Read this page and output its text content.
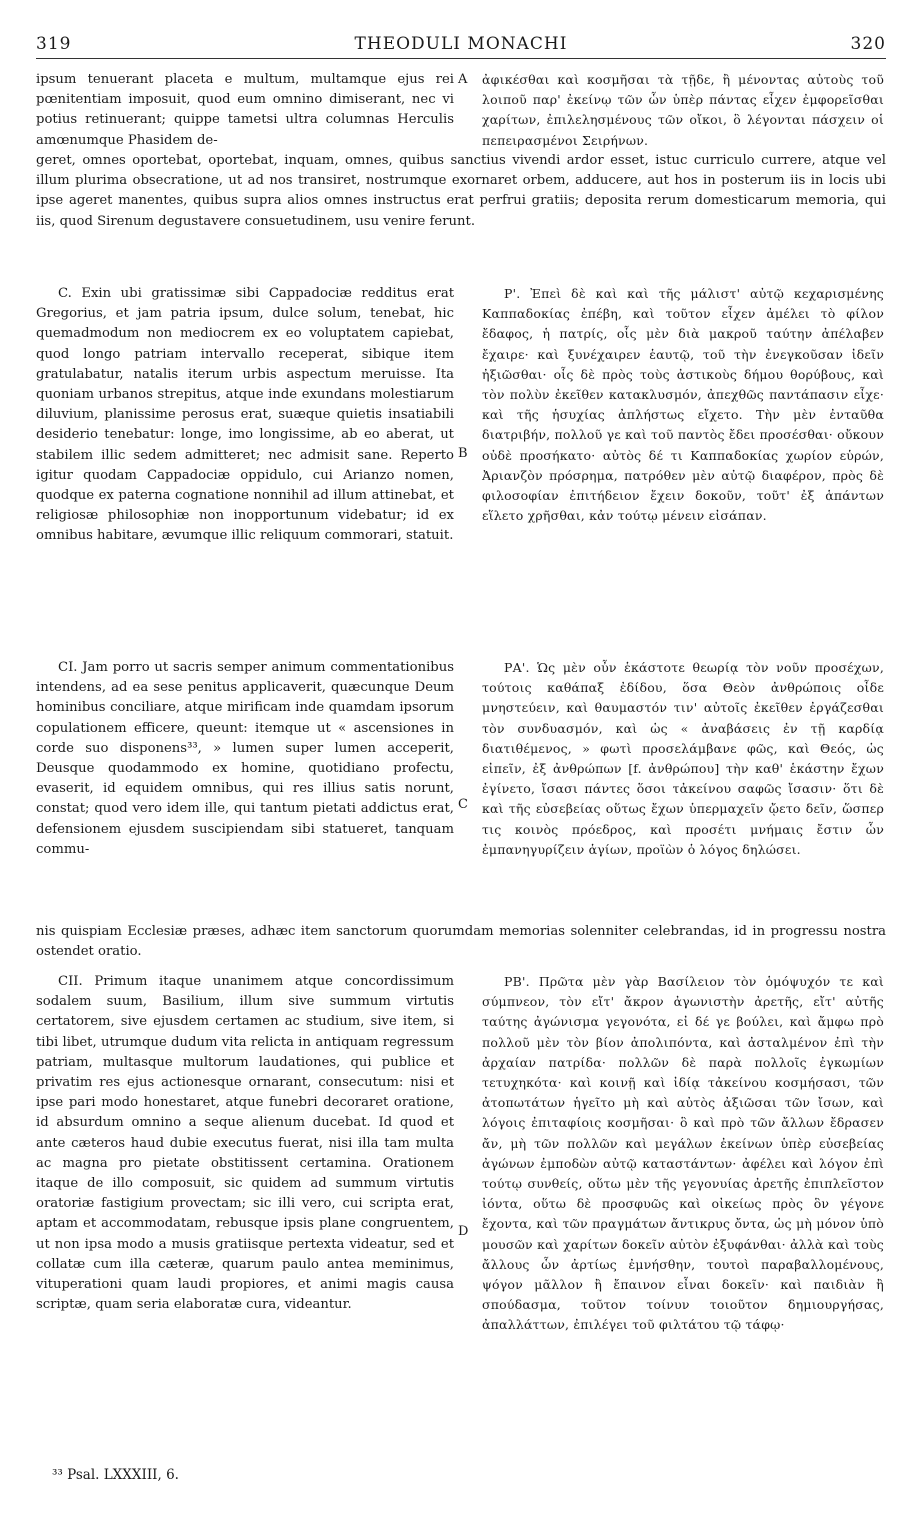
THEODULI MONACHI
319	320

ipsum tenuerant placeta e multum, multamque ejus rei pœnitentiam imposuit, quod eum omnino dimiserant, nec vi potius retinuerant; quippe tametsi ultra columnas Herculis amœnumque Phasidem de-

ἀφικέσθαι καὶ κοσμῆσαι τὰ τῇδε, ἢ μένοντας αὐτοὺς τοῦ λοιποῦ παρ' ἐκείνῳ τῶν ὧν ὑπὲρ πάντας εἶχεν ἐμφορεῖσθαι χαρίτων, ἐπιλελησμένους τῶν οἴκοι, ὃ λέγονται πάσχειν οἱ πεπειρασμένοι Σειρήνων.

geret, omnes oportebat, oportebat, inquam, omnes, quibus sanctius vivendi ardor esset, istuc curriculo currere, atque vel illum plurima obsecratione, ut ad nos transiret, nostrumque exornaret orbem, adducere, aut hos in posterum iis in locis ubi ipse ageret manentes, quibus supra alios omnes instructus erat perfrui gratiis; deposita rerum domesticarum memoria, qui iis, quod Sirenum degustavere consuetudinem, usu venire ferunt.

C. Exin ubi gratissimæ sibi Cappadociæ redditus erat Gregorius, et jam patria ipsum, dulce solum, tenebat, hic quemadmodum non mediocrem ex eo voluptatem capiebat, quod longo patriam intervallo receperat, sibique item gratulabatur, natalis iterum urbis aspectum meruisse. Ita quoniam urbanos strepitus, atque inde exundans molestiarum diluvium, planissime perosus erat, suæque quietis insatiabili desiderio tenebatur: longe, imo longissime, ab eo aberat, ut stabilem illic sedem admitteret; nec admisit sane. Reperto igitur quodam Cappadociæ oppidulo, cui Arianzo nomen, quodque ex paterna cognatione nonnihil ad illum attinebat, et religiosæ philosophiæ non inopportunum videbatur; id ex omnibus habitare, ævumque illic reliquum commorari, statuit.

Ρ'. Ἐπεὶ δὲ καὶ καὶ τῆς μάλιστ' αὐτῷ κεχαρισμένης Καππαδοκίας ἐπέβη, καὶ τοῦτον εἶχεν ἀμέλει τὸ φίλον ἔδαφος, ἡ πατρίς, οἷς μὲν διὰ μακροῦ ταύτην ἀπέλαβεν ἔχαιρε· καὶ ξυνέχαιρεν ἑαυτῷ, τοῦ τὴν ἐνεγκοῦσαν ἰδεῖν ἠξιῶσθαι· οἷς δὲ πρὸς τοὺς ἀστικοὺς δήμου θορύβους, καὶ τὸν πολὺν ἐκεῖθεν κατακλυσμόν, ἀπεχθῶς παντάπασιν εἶχε· καὶ τῆς ἡσυχίας ἀπλήστως εἴχετο. Τὴν μὲν ἐνταῦθα διατριβήν, πολλοῦ γε καὶ τοῦ παντὸς ἔδει προσέσθαι· οὔκουν οὐδὲ προσήκατο· αὐτὸς δέ τι Καππαδοκίας χωρίον εὑρών, Ἀριανζὸν πρόσρημα, πατρόθεν μὲν αὐτῷ διαφέρον, πρὸς δὲ φιλοσοφίαν ἐπιτήδειον ἔχειν δοκοῦν, τοῦτ' ἐξ ἁπάντων εἵλετο χρῆσθαι, κἀν τούτῳ μένειν εἰσάπαν.

CI. Jam porro ut sacris semper animum commentationibus intendens, ad ea sese penitus applicaverit, quæcunque Deum hominibus conciliare, atque mirificam inde quamdam ipsorum copulationem efficere, queunt: itemque ut « ascensiones in corde suo disponens³³, » lumen super lumen acceperit, Deusque quodammodo ex homine, quotidiano profectu, evaserit, id equidem omnibus, qui res illius satis norunt, constat; quod vero idem ille, qui tantum pietati addictus erat, defensionem ejusdem suscipiendam sibi statueret, tanquam commu-

ΡΑ'. Ὡς μὲν οὖν ἑκάστοτε θεωρίᾳ τὸν νοῦν προσέχων, τούτοις καθάπαξ ἐδίδου, ὅσα Θεὸν ἀνθρώποις οἶδε μνηστεύειν, καὶ θαυμαστόν τιν' αὐτοῖς ἐκεῖθεν ἐργάζεσθαι τὸν συνδυασμόν, καὶ ὡς « ἀναβάσεις ἐν τῇ καρδίᾳ διατιθέμενος, » φωτὶ προσελάμβανε φῶς, καὶ Θεός, ὡς εἰπεῖν, ἐξ ἀνθρώπων [f. ἀνθρώπου] τὴν καθ' ἑκάστην ἔχων ἐγίνετο, ἴσασι πάντες ὅσοι τἀκείνου σαφῶς ἴσασιν· ὅτι δὲ καὶ τῆς εὐσεβείας οὕτως ἔχων ὑπερμαχεῖν ᾤετο δεῖν, ὥσπερ τις κοινὸς πρόεδρος, καὶ προσέτι μνήμαις ἔστιν ὧν ἐμπανηγυρίζειν ἁγίων, προϊὼν ὁ λόγος δηλώσει.

nis quispiam Ecclesiæ præses, adhæc item sanctorum quorumdam memorias solenniter celebrandas, id in progressu nostra ostendet oratio.

CII. Primum itaque unanimem atque concordissimum sodalem suum, Basilium, illum sive summum virtutis certatorem, sive ejusdem certamen ac studium, sive item, si tibi libet, utrumque dudum vita relicta in antiquam regressum patriam, multasque multorum laudationes, qui publice et privatim res ejus actionesque ornarant, consecutum: nisi et ipse pari modo honestaret, atque funebri decoraret oratione, id absurdum omnino a seque alienum ducebat. Id quod et ante cæteros haud dubie executus fuerat, nisi illa tam multa ac magna pro pietate obstitissent certamina. Orationem itaque de illo composuit, sic quidem ad summum virtutis oratoriæ fastigium provectam; sic illi vero, cui scripta erat, aptam et accommodatam, rebusque ipsis plane congruentem, ut non ipsa modo a musis gratiisque pertexta videatur, sed et collatæ cum illa cæteræ, quarum paulo antea meminimus, vituperationi quam laudi propiores, et animi magis causa scriptæ, quam seria elaboratæ cura, videantur.

ΡΒ'. Πρῶτα μὲν γὰρ Βασίλειον τὸν ὁμόψυχόν τε καὶ σύμπνεον, τὸν εἴτ' ἄκρον ἀγωνιστὴν ἀρετῆς, εἴτ' αὐτῆς ταύτης ἀγώνισμα γεγονότα, εἰ δέ γε βούλει, καὶ ἄμφω πρὸ πολλοῦ μὲν τὸν βίον ἀπολιπόντα, καὶ ἀσταλμένον ἐπὶ τὴν ἀρχαίαν πατρίδα· πολλῶν δὲ παρὰ πολλοῖς ἐγκωμίων τετυχηκότα· καὶ κοινῇ καὶ ἰδίᾳ τἀκείνου κοσμήσασι, τῶν ἀτοπωτάτων ἡγεῖτο μὴ καὶ αὐτὸς ἀξιῶσαι τῶν ἴσων, καὶ λόγοις ἐπιταφίοις κοσμῆσαι· ὃ καὶ πρὸ τῶν ἄλλων ἔδρασεν ἄν, μὴ τῶν πολλῶν καὶ μεγάλων ἐκείνων ὑπὲρ εὐσεβείας ἀγώνων ἐμποδὼν αὐτῷ καταστάντων· ἀφέλει καὶ λόγον ἐπὶ τούτῳ συνθείς, οὕτω μὲν τῆς γεγονυίας ἀρετῆς ἐπιπλεῖστον ἰόντα, οὕτω δὲ προσφυῶς καὶ οἰκείως πρὸς ὃν γέγονε ἔχοντα, καὶ τῶν πραγμάτων ἄντικρυς ὄντα, ὡς μὴ μόνον ὑπὸ μουσῶν καὶ χαρίτων δοκεῖν αὐτὸν ἐξυφάνθαι· ἀλλὰ καὶ τοὺς ἄλλους ὧν ἀρτίως ἐμνήσθην, τουτοὶ παραβαλλομένους, ψόγον μᾶλλον ἢ ἔπαινον εἶναι δοκεῖν· καὶ παιδιὰν ἢ σπούδασμα, τοῦτον τοίνυν τοιοῦτον δημιουργήσας, ἀπαλλάττων, ἐπιλέγει τοῦ φιλτάτου τῷ τάφῳ·

A
B
C
D
³³ Psal. LXXXIII, 6.
